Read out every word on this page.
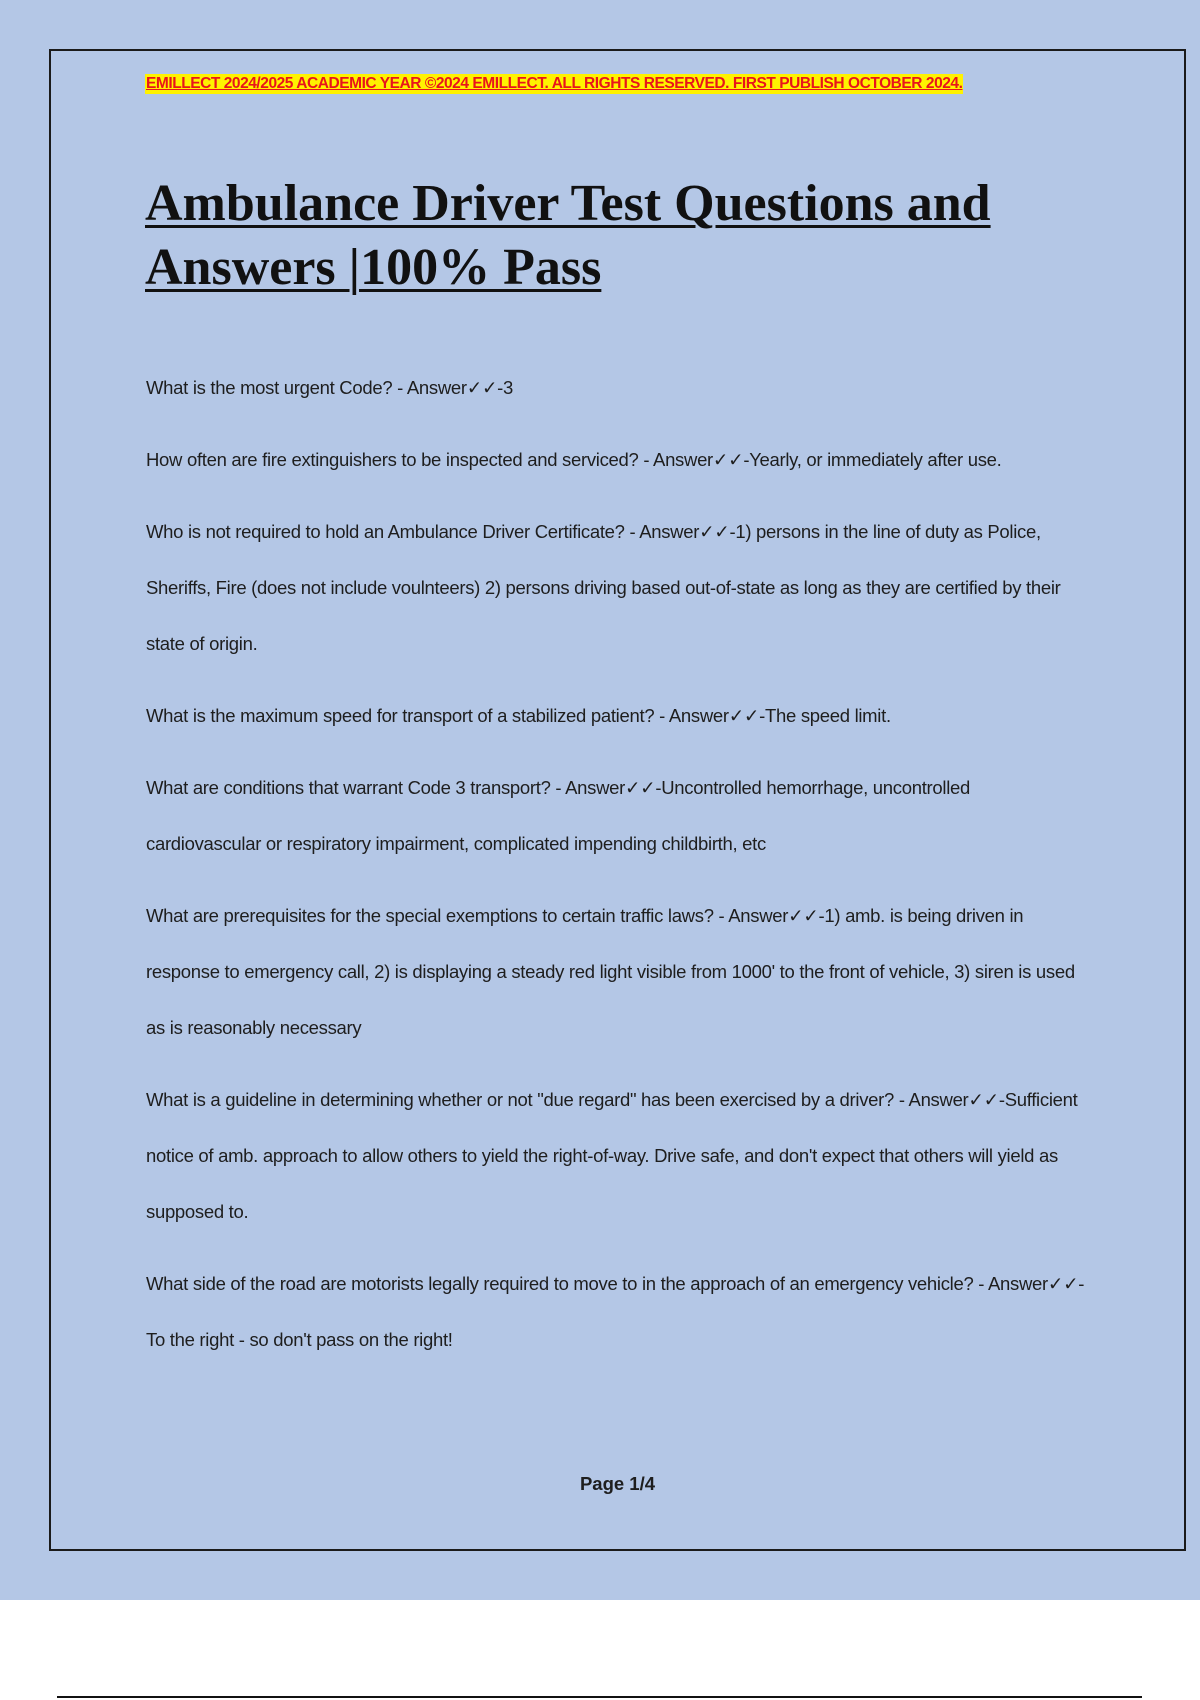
EMILLECT 2024/2025 ACADEMIC YEAR ©2024 EMILLECT. ALL RIGHTS RESERVED. FIRST PUBLISH OCTOBER 2024.
Ambulance Driver Test Questions and Answers |100% Pass
What is the most urgent Code? - Answer✓✓-3
How often are fire extinguishers to be inspected and serviced? - Answer✓✓-Yearly, or immediately after use.
Who is not required to hold an Ambulance Driver Certificate? - Answer✓✓-1) persons in the line of duty as Police, Sheriffs, Fire (does not include voulnteers) 2) persons driving based out-of-state as long as they are certified by their state of origin.
What is the maximum speed for transport of a stabilized patient? - Answer✓✓-The speed limit.
What are conditions that warrant Code 3 transport? - Answer✓✓-Uncontrolled hemorrhage, uncontrolled cardiovascular or respiratory impairment, complicated impending childbirth, etc
What are prerequisites for the special exemptions to certain traffic laws? - Answer✓✓-1) amb. is being driven in response to emergency call, 2) is displaying a steady red light visible from 1000' to the front of vehicle, 3) siren is used as is reasonably necessary
What is a guideline in determining whether or not "due regard" has been exercised by a driver? - Answer✓✓-Sufficient notice of amb. approach to allow others to yield the right-of-way. Drive safe, and don't expect that others will yield as supposed to.
What side of the road are motorists legally required to move to in the approach of an emergency vehicle? - Answer✓✓-To the right - so don't pass on the right!
Page 1/4
